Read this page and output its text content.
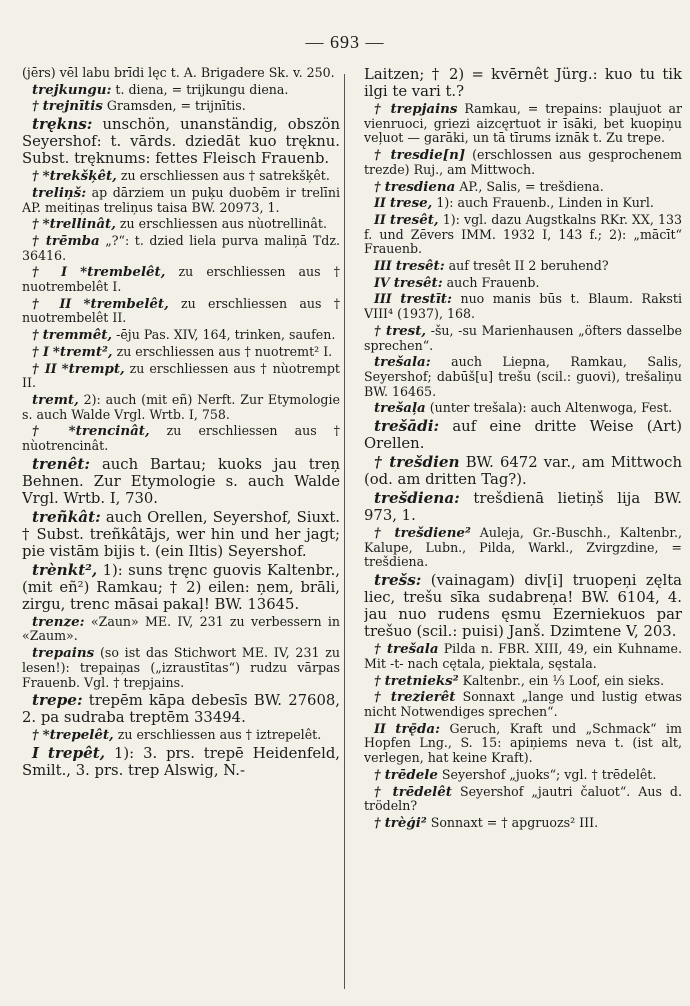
— 693 —

(jērs) vēl labu brīdi lęc t. A. Brigadere Sk. v. 250.

trejkungu: t. diena, = trijkungu diena.

† trejnītis Gramsden, = trijnītis.

trękns: unschön, unanständig, obszön Seyershof: t. vārds. dziedāt kuo tręknu. Subst. tręknums: fettes Fleisch Frauenb.

† *trekšķêt, zu erschliessen aus † satrekšķêt.

treliņš: ap dārziem un puķu duobēm ir trelīni AP. meitiņas treliņus taisa BW. 20973, 1.

† *trellinât, zu erschliessen aus nùotrellinât.

† trēmba „?“: t. dzied liela purva maliņā Tdz. 36416.

† I *trembelêt, zu erschliessen aus † nuotrembelêt I.

† II *trembelêt, zu erschliessen aus † nuotrembelêt II.

† tremmêt, -ēju Pas. XIV, 164, trinken, saufen.

† I *tremt², zu erschliessen aus † nuotremt² I.

† II *trempt, zu erschliessen aus † nùotrempt II.

tremt, 2): auch (mit eñ) Nerft. Zur Etymologie s. auch Walde Vrgl. Wrtb. I, 758.

† *trencinât, zu erschliessen aus † nùotrencinât.

trenêt: auch Bartau; kuoks jau treņ Behnen. Zur Etymologie s. auch Walde Vrgl. Wrtb. I, 730.

treñkât: auch Orellen, Seyershof, Siuxt. † Subst. treñkâtājs, wer hin und her jagt; pie vistām bijis t. (ein Iltis) Seyershof.

trènkt², 1): suns tręnc guovis Kaltenbr., (mit eñ²) Ramkau; † 2) eilen: ņem, brāli, zirgu, trenc māsai pakaļ! BW. 13645.

trenze: «Zaun» ME. IV, 231 zu verbessern in «Zaum».

trepains (so ist das Stichwort ME. IV, 231 zu lesen!): trepaiņas („izraustītas“) rudzu vārpas Frauenb. Vgl. † trepjains.

trepe: trepēm kāpa debesīs BW. 27608, 2. pa sudraba treptēm 33494.

† *trepelêt, zu erschliessen aus † iztrepelêt.

I trepêt, 1): 3. prs. trepē Heidenfeld, Smilt., 3. prs. trep Alswig, N.-

Laitzen; † 2) = kvērnêt Jürg.: kuo tu tik ilgi te vari t.?

† trepjains Ramkau, = trepains: plaujuot ar vienruoci, griezi aizcęrtuot ir īsāki, bet kuopiņu veļuot — garāki, un tā tīrums iznāk t. Zu trepe.

† tresdie[n] (erschlossen aus gesprochenem trezde) Ruj., am Mittwoch.

† tresdiena AP., Salis, = trešdiena.

II trese, 1): auch Frauenb., Linden in Kurl.

II tresêt, 1): vgl. dazu Augstkalns RKr. XX, 133 f. und Zēvers IMM. 1932 I, 143 f.; 2): „mācīt“ Frauenb.

III tresêt: auf tresêt II 2 beruhend?

IV tresêt: auch Frauenb.

III trestīt: nuo manis būs t. Blaum. Raksti VIII⁴ (1937), 168.

† trest, -šu, -su Marienhausen „öfters dasselbe sprechen“.

trešala: auch Liepna, Ramkau, Salis, Seyershof; dabūš[u] trešu (scil.: guovi), trešaliņu BW. 16465.

trešaļa (unter trešala): auch Altenwoga, Fest.

trešādi: auf eine dritte Weise (Art) Orellen.

† trešdien BW. 6472 var., am Mittwoch (od. am dritten Tag?).

trešdiena: trešdienā lietiņš lija BW. 973, 1.

† trešdiene² Auleja, Gr.-Buschh., Kaltenbr., Kalupe, Lubn., Pilda, Warkl., Zvirgzdine, = trešdiena.

trešs: (vainagam) div[i] truopeņi zęlta liec, trešu sīka sudabreņa! BW. 6104, 4. jau nuo rudens ęsmu Ezerniekuos par trešuo (scil.: puisi) Janš. Dzimtene V, 203.

† trešala Pilda n. FBR. XIII, 49, ein Kuhname. Mit -t- nach cętala, piektala, sęstala.

† tretnieks² Kaltenbr., ein ⅓ Loof, ein sieks.

† trezierêt Sonnaxt „lange und lustig etwas nicht Notwendiges sprechen“.

II trę̄da: Geruch, Kraft und „Schmack“ im Hopfen Lng., S. 15: apiņiems neva t. (ist alt, verlegen, hat keine Kraft).

† trēdele Seyershof „juoks“; vgl. † trēdelêt.

† trēdelêt Seyershof „jautri čaluot“. Aus d. trödeln?

† trèģi² Sonnaxt = † apgruozs² III.
